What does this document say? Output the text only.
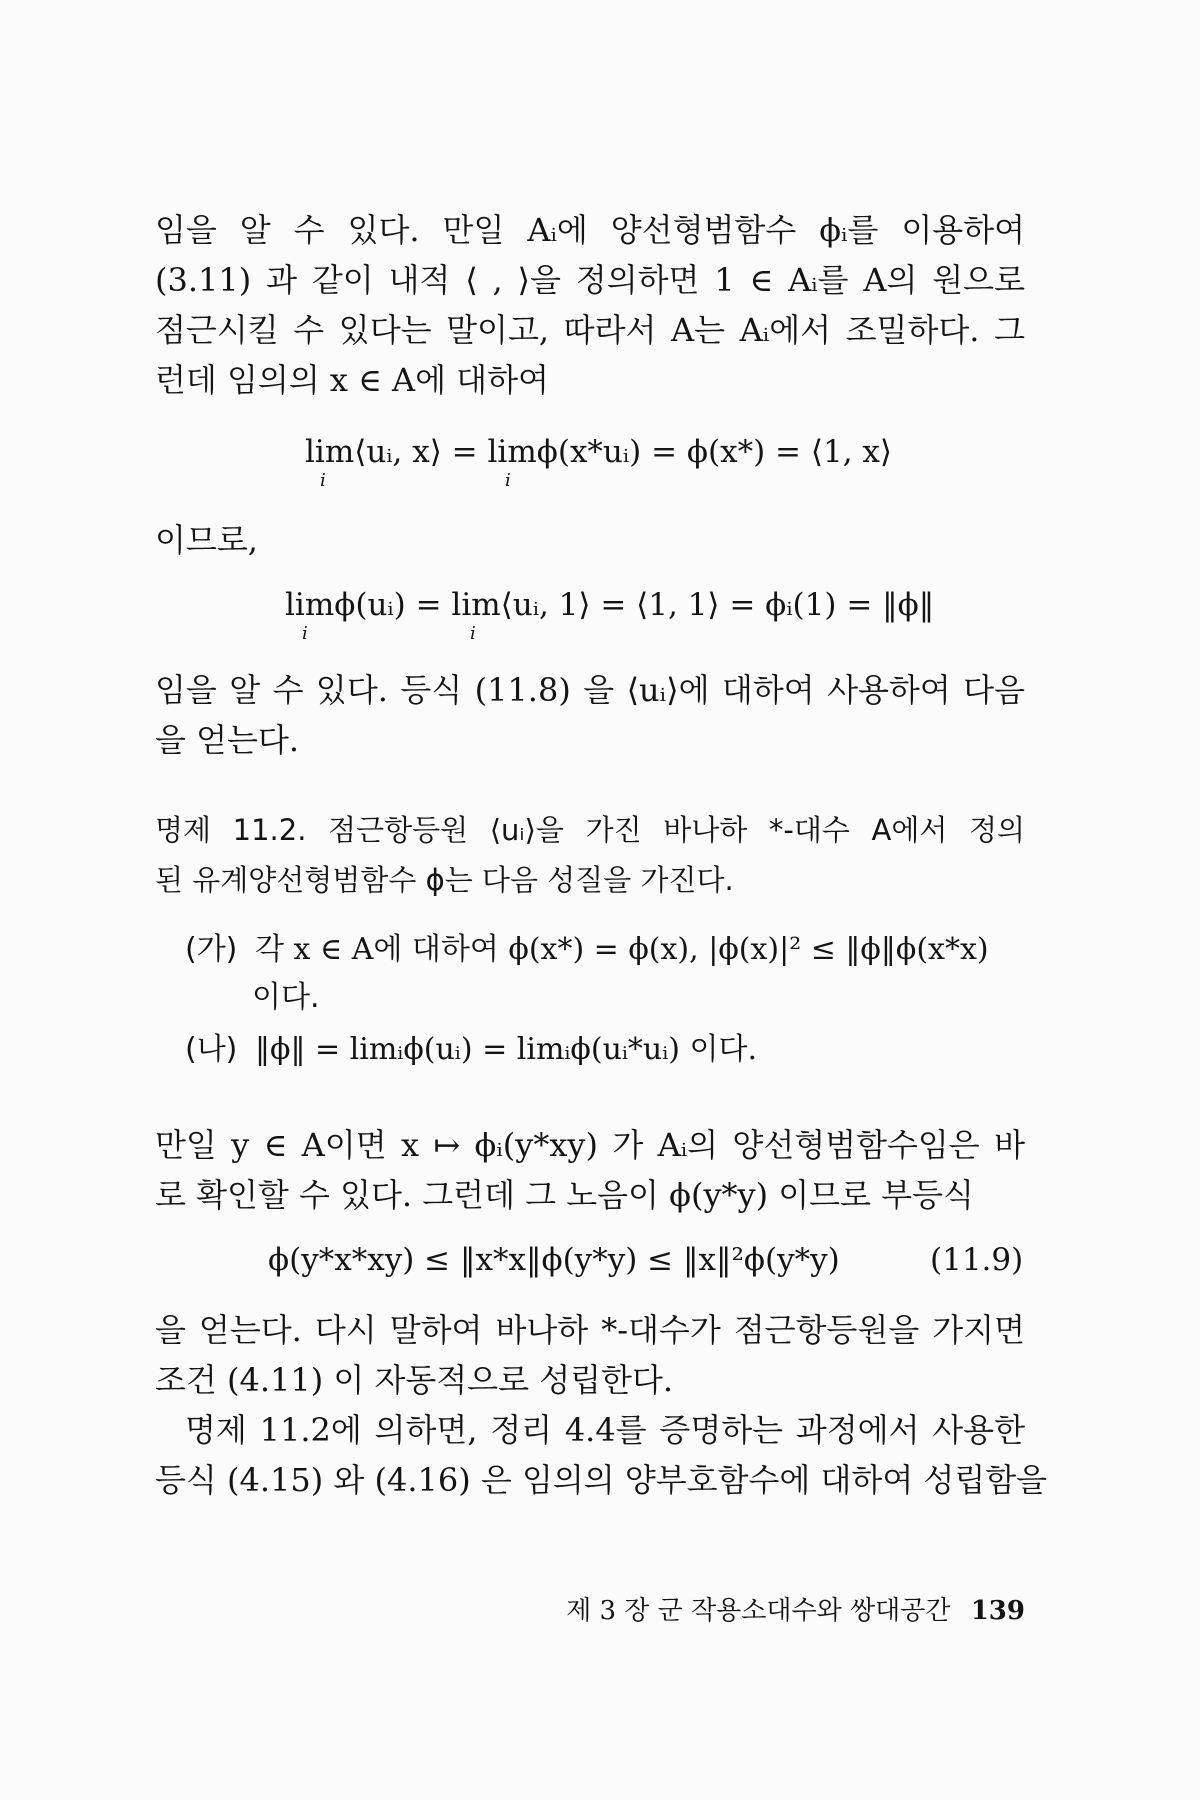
임을 알 수 있다. 만일 Aᵢ에 양선형범함수 ϕᵢ를 이용하여
(3.11) 과 같이 내적 ⟨ , ⟩을 정의하면 1 ∈ Aᵢ를 A의 원으로
점근시킬 수 있다는 말이고, 따라서 A는 Aᵢ에서 조밀하다. 그
런데 임의의 x ∈ A에 대하여
lim⟨uᵢ, x⟩ = limϕ(x*uᵢ) = ϕ(x*) = ⟨1, x⟩
i	i
이므로,
limϕ(uᵢ) = lim⟨uᵢ, 1⟩ = ⟨1, 1⟩ = ϕᵢ(1) = ‖ϕ‖
i	i
임을 알 수 있다. 등식 (11.8) 을 ⟨uᵢ⟩에 대하여 사용하여 다음
을 얻는다.
명제 11.2. 점근항등원 ⟨uᵢ⟩을 가진 바나하 *-대수 A에서 정의
된 유계양선형범함수 ϕ는 다음 성질을 가진다.
(가) 각 x ∈ A에 대하여 ϕ(x*) = ϕ(x), |ϕ(x)|² ≤ ‖ϕ‖ϕ(x*x)
이다.
(나) ‖ϕ‖ = limᵢϕ(uᵢ) = limᵢϕ(uᵢ*uᵢ) 이다.
만일 y ∈ A이면 x ↦ ϕᵢ(y*xy) 가 Aᵢ의 양선형범함수임은 바
로 확인할 수 있다. 그런데 그 노음이 ϕ(y*y) 이므로 부등식
ϕ(y*x*xy) ≤ ‖x*x‖ϕ(y*y) ≤ ‖x‖²ϕ(y*y)	(11.9)
을 얻는다. 다시 말하여 바나하 *-대수가 점근항등원을 가지면
조건 (4.11) 이 자동적으로 성립한다.
명제 11.2에 의하면, 정리 4.4를 증명하는 과정에서 사용한
등식 (4.15) 와 (4.16) 은 임의의 양부호함수에 대하여 성립함을
제 3 장 군 작용소대수와 쌍대공간 139
